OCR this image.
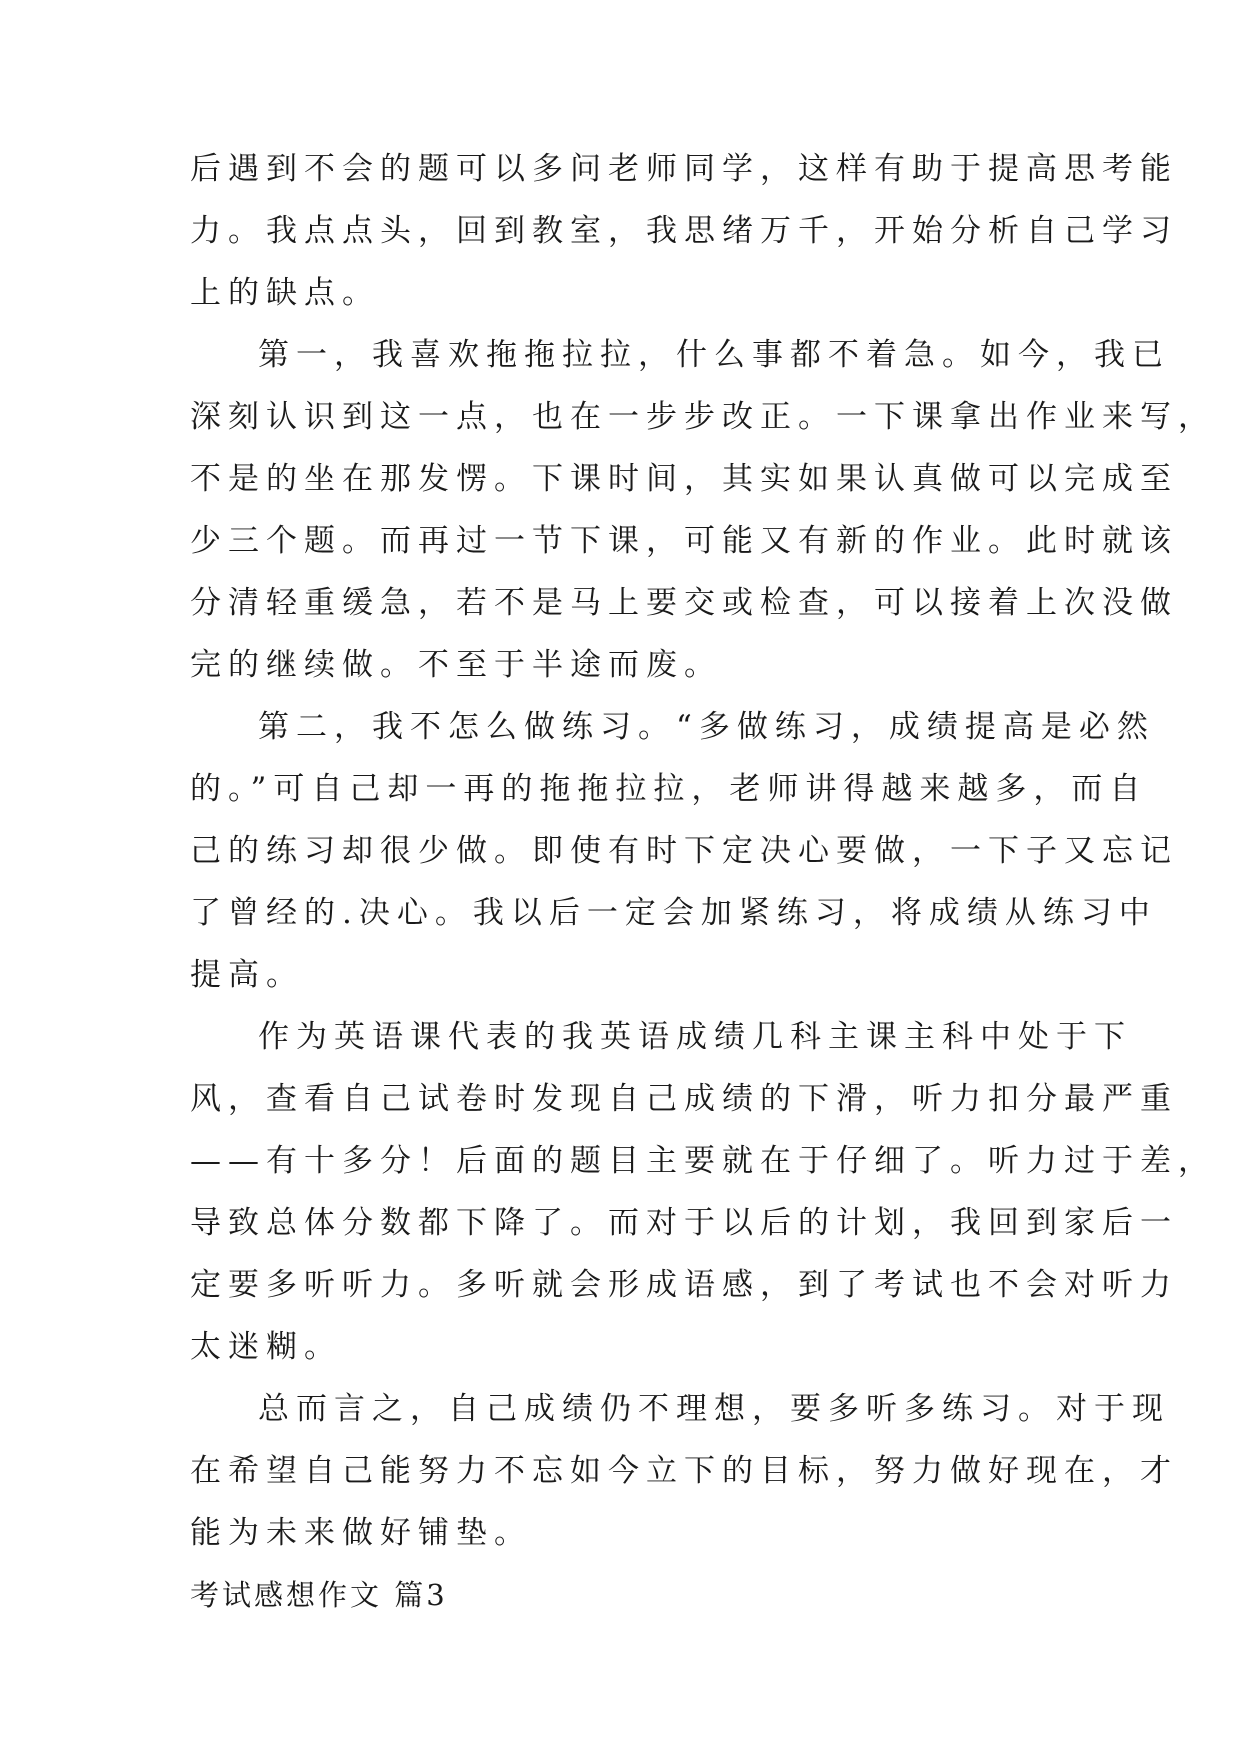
后遇到不会的题可以多问老师同学，这样有助于提高思考能
力。我点点头，回到教室，我思绪万千，开始分析自己学习
上的缺点。
第一，我喜欢拖拖拉拉，什么事都不着急。如今，我已
深刻认识到这一点，也在一步步改正。一下课拿出作业来写，
不是的坐在那发愣。下课时间，其实如果认真做可以完成至
少三个题。而再过一节下课，可能又有新的作业。此时就该
分清轻重缓急，若不是马上要交或检查，可以接着上次没做
完的继续做。不至于半途而废。
第二，我不怎么做练习。“多做练习，成绩提高是必然
的。”可自己却一再的拖拖拉拉，老师讲得越来越多，而自
己的练习却很少做。即使有时下定决心要做，一下子又忘记
了曾经的.决心。我以后一定会加紧练习，将成绩从练习中
提高。
作为英语课代表的我英语成绩几科主课主科中处于下
风，查看自己试卷时发现自己成绩的下滑，听力扣分最严重
——有十多分！后面的题目主要就在于仔细了。听力过于差，
导致总体分数都下降了。而对于以后的计划，我回到家后一
定要多听听力。多听就会形成语感，到了考试也不会对听力
太迷糊。
总而言之，自己成绩仍不理想，要多听多练习。对于现
在希望自己能努力不忘如今立下的目标，努力做好现在，才
能为未来做好铺垫。
考试感想作文 篇3
